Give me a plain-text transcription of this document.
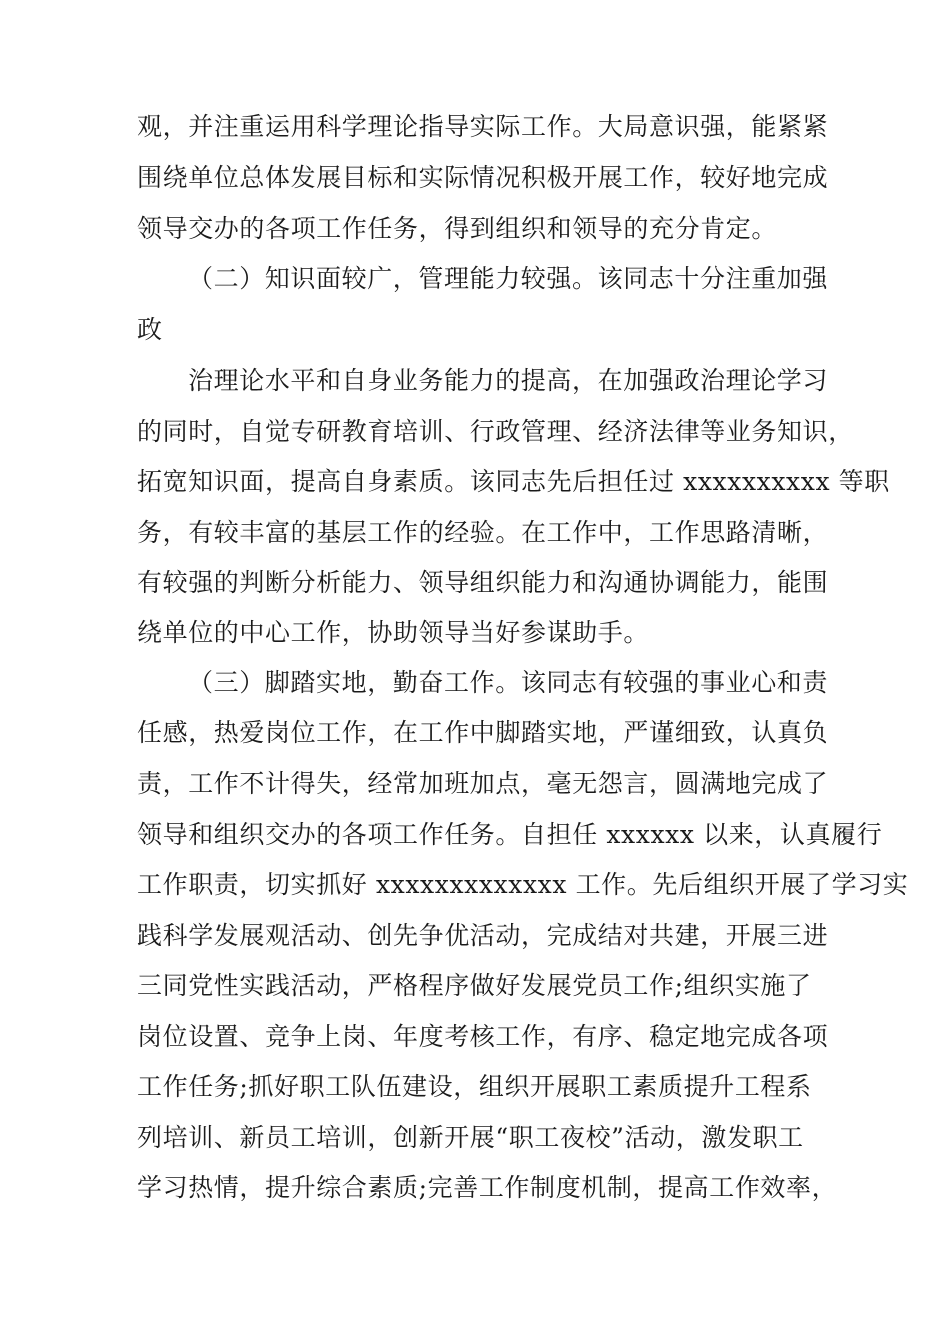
观，并注重运用科学理论指导实际工作。大局意识强，能紧紧

围绕单位总体发展目标和实际情况积极开展工作，较好地完成

领导交办的各项工作任务，得到组织和领导的充分肯定。

（二）知识面较广，管理能力较强。该同志十分注重加强

政

治理论水平和自身业务能力的提高，在加强政治理论学习

的同时，自觉专研教育培训、行政管理、经济法律等业务知识，

拓宽知识面，提高自身素质。该同志先后担任过 xxxxxxxxxx 等职

务，有较丰富的基层工作的经验。在工作中，工作思路清晰，

有较强的判断分析能力、领导组织能力和沟通协调能力，能围

绕单位的中心工作，协助领导当好参谋助手。

（三）脚踏实地，勤奋工作。该同志有较强的事业心和责

任感，热爱岗位工作，在工作中脚踏实地，严谨细致，认真负

责，工作不计得失，经常加班加点，毫无怨言，圆满地完成了

领导和组织交办的各项工作任务。自担任 xxxxxx 以来，认真履行

工作职责，切实抓好 xxxxxxxxxxxxx 工作。先后组织开展了学习实

践科学发展观活动、创先争优活动，完成结对共建，开展三进

三同党性实践活动，严格程序做好发展党员工作;组织实施了

岗位设置、竞争上岗、年度考核工作，有序、稳定地完成各项

工作任务;抓好职工队伍建设，组织开展职工素质提升工程系

列培训、新员工培训，创新开展“职工夜校”活动，激发职工

学习热情，提升综合素质;完善工作制度机制，提高工作效率，
